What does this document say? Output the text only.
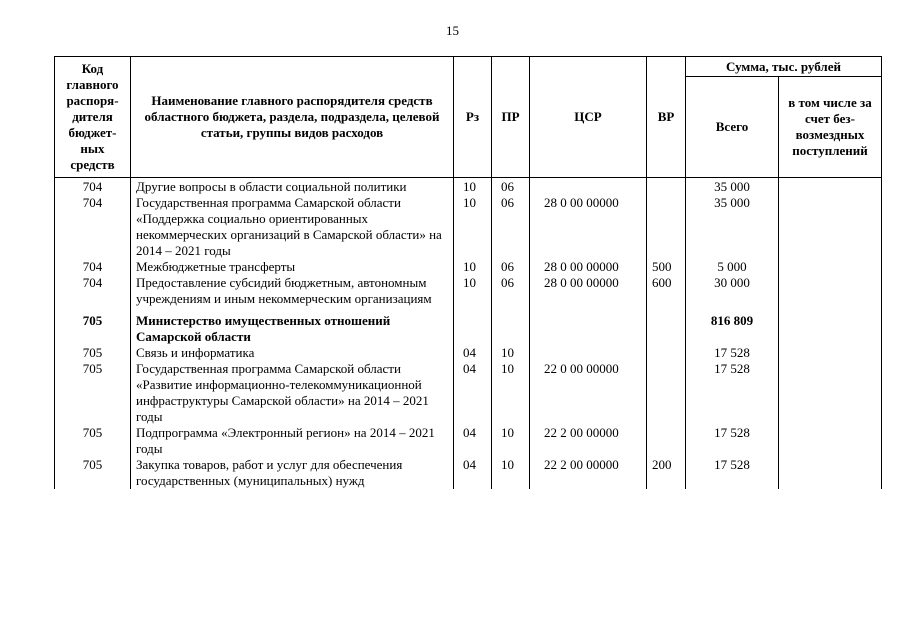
15
Код главного распоря-дителя бюджет-ных средств	Наименование главного распорядителя средств областного бюджета, раздела, подраздела, целевой статьи, группы видов расходов	Рз	ПР	ЦСР	ВР	Сумма, тыс. рублей	
						Всего	в том числе за счет без-возмездных поступлений
704	Другие вопросы в области социальной политики	10	06			35 000	
704	Государственная программа Самарской области «Поддержка социально ориентированных некоммерческих организаций в Самарской области» на 2014 – 2021 годы	10	06	28 0 00 00000		35 000	
704	Межбюджетные трансферты	10	06	28 0 00 00000	500	5 000	
704	Предоставление субсидий бюджетным, автономным учреждениям и иным некоммерческим организациям	10	06	28 0 00 00000	600	30 000	
705	Министерство имущественных отношений Самарской области					816 809	
705	Связь и информатика	04	10			17 528	
705	Государственная программа Самарской области «Развитие информационно-телекоммуникационной инфраструктуры Самарской области» на 2014 – 2021 годы	04	10	22 0 00 00000		17 528	
705	Подпрограмма «Электронный регион» на 2014 – 2021 годы	04	10	22 2 00 00000		17 528	
705	Закупка товаров, работ и услуг для обеспечения государственных (муниципальных) нужд	04	10	22 2 00 00000	200	17 528	
